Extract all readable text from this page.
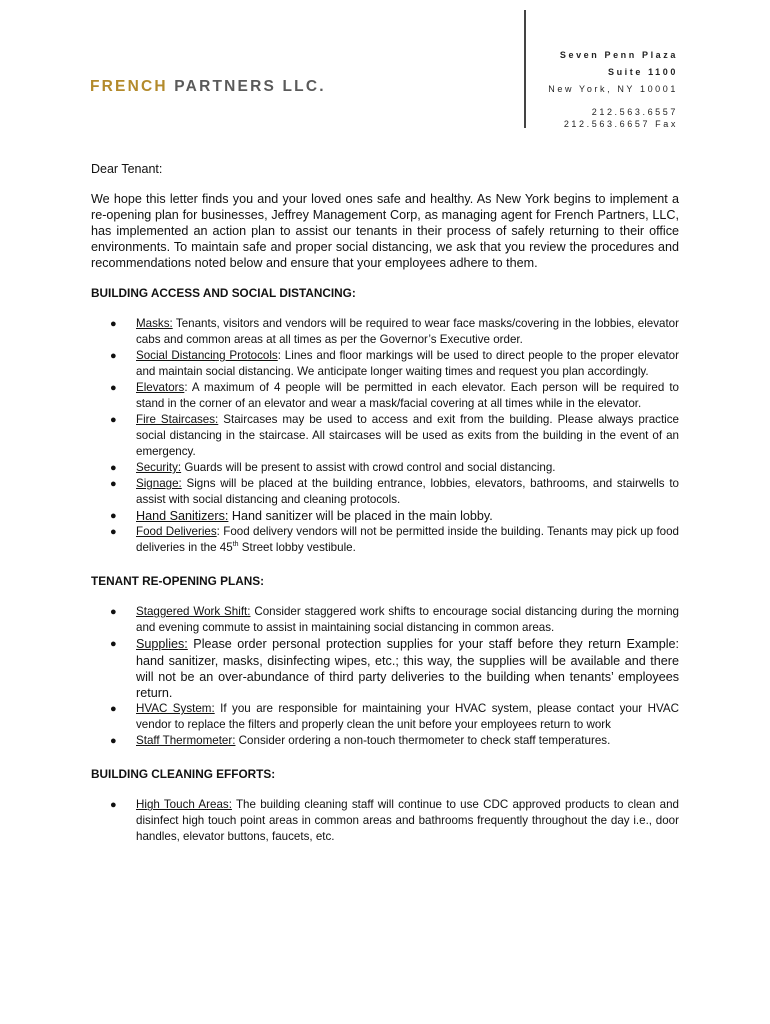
FRENCH PARTNERS LLC.
Seven Penn Plaza
Suite 1100
New York, NY 10001
212.563.6557
212.563.6657 Fax

Dear Tenant:

We hope this letter finds you and your loved ones safe and healthy. As New York begins to implement a re-opening plan for businesses, Jeffrey Management Corp, as managing agent for French Partners, LLC, has implemented an action plan to assist our tenants in their process of safely returning to their office environments. To maintain safe and proper social distancing, we ask that you review the procedures and recommendations noted below and ensure that your employees adhere to them.

BUILDING ACCESS AND SOCIAL DISTANCING:
● Masks: Tenants, visitors and vendors will be required to wear face masks/covering in the lobbies, elevator cabs and common areas at all times as per the Governor’s Executive order.
● Social Distancing Protocols: Lines and floor markings will be used to direct people to the proper elevator and maintain social distancing. We anticipate longer waiting times and request you plan accordingly.
● Elevators: A maximum of 4 people will be permitted in each elevator. Each person will be required to stand in the corner of an elevator and wear a mask/facial covering at all times while in the elevator.
● Fire Staircases: Staircases may be used to access and exit from the building. Please always practice social distancing in the staircase. All staircases will be used as exits from the building in the event of an emergency.
● Security: Guards will be present to assist with crowd control and social distancing.
● Signage: Signs will be placed at the building entrance, lobbies, elevators, bathrooms, and stairwells to assist with social distancing and cleaning protocols.
● Hand Sanitizers: Hand sanitizer will be placed in the main lobby.
● Food Deliveries: Food delivery vendors will not be permitted inside the building. Tenants may pick up food deliveries in the 45th Street lobby vestibule.
TENANT RE-OPENING PLANS:
● Staggered Work Shift: Consider staggered work shifts to encourage social distancing during the morning and evening commute to assist in maintaining social distancing in common areas.
● Supplies: Please order personal protection supplies for your staff before they return Example: hand sanitizer, masks, disinfecting wipes, etc.; this way, the supplies will be available and there will not be an over-abundance of third party deliveries to the building when tenants’ employees return.
● HVAC System: If you are responsible for maintaining your HVAC system, please contact your HVAC vendor to replace the filters and properly clean the unit before your employees return to work
● Staff Thermometer: Consider ordering a non-touch thermometer to check staff temperatures.
BUILDING CLEANING EFFORTS:
● High Touch Areas: The building cleaning staff will continue to use CDC approved products to clean and disinfect high touch point areas in common areas and bathrooms frequently throughout the day i.e., door handles, elevator buttons, faucets, etc.
